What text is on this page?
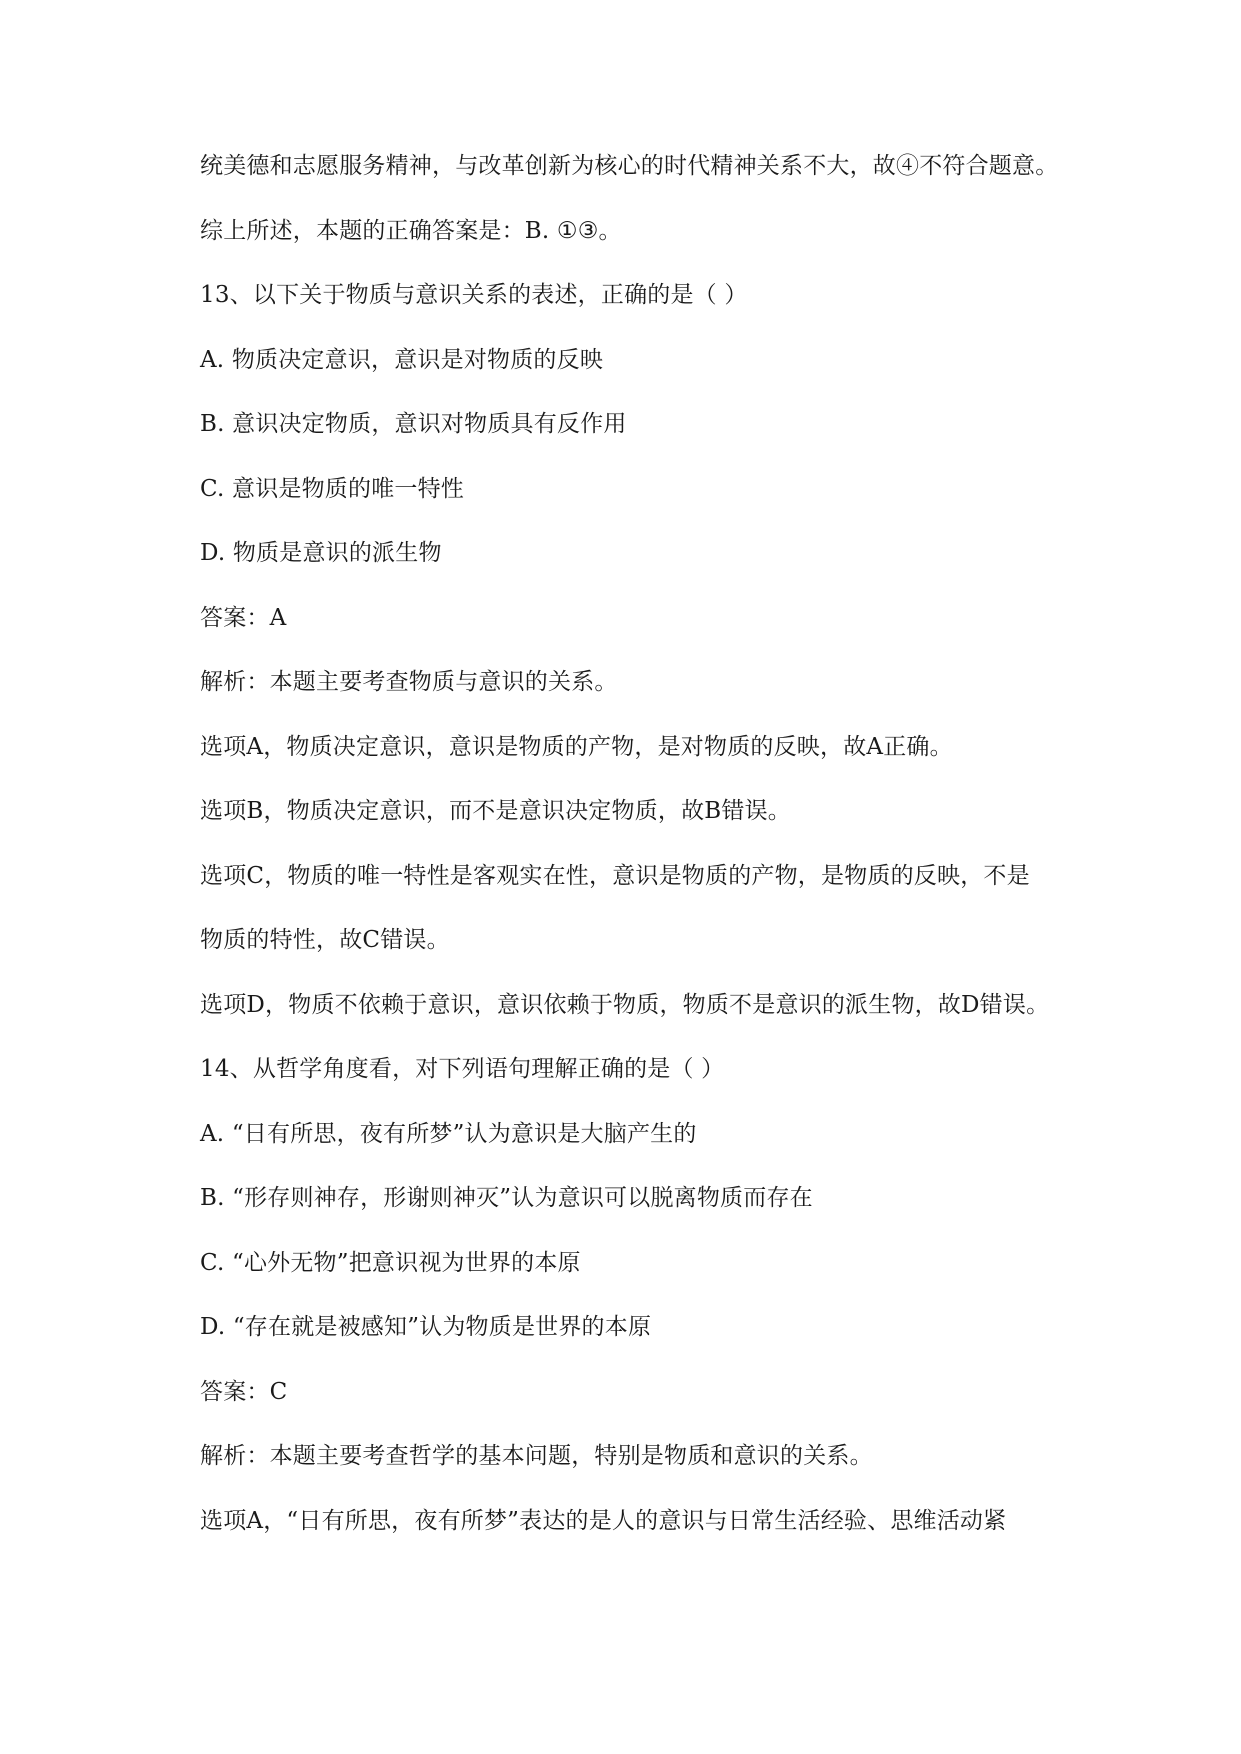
统美德和志愿服务精神，与改革创新为核心的时代精神关系不大，故④不符合题意。
综上所述，本题的正确答案是：B. ①③。
13、以下关于物质与意识关系的表述，正确的是（ ）
A. 物质决定意识，意识是对物质的反映
B. 意识决定物质，意识对物质具有反作用
C. 意识是物质的唯一特性
D. 物质是意识的派生物
答案：A
解析：本题主要考查物质与意识的关系。
选项A，物质决定意识，意识是物质的产物，是对物质的反映，故A正确。
选项B，物质决定意识，而不是意识决定物质，故B错误。
选项C，物质的唯一特性是客观实在性，意识是物质的产物，是物质的反映，不是
物质的特性，故C错误。
选项D，物质不依赖于意识，意识依赖于物质，物质不是意识的派生物，故D错误。
14、从哲学角度看，对下列语句理解正确的是（ ）
A. “日有所思，夜有所梦”认为意识是大脑产生的
B. “形存则神存，形谢则神灭”认为意识可以脱离物质而存在
C. “心外无物”把意识视为世界的本原
D. “存在就是被感知”认为物质是世界的本原
答案：C
解析：本题主要考查哲学的基本问题，特别是物质和意识的关系。
选项A，“日有所思，夜有所梦”表达的是人的意识与日常生活经验、思维活动紧
